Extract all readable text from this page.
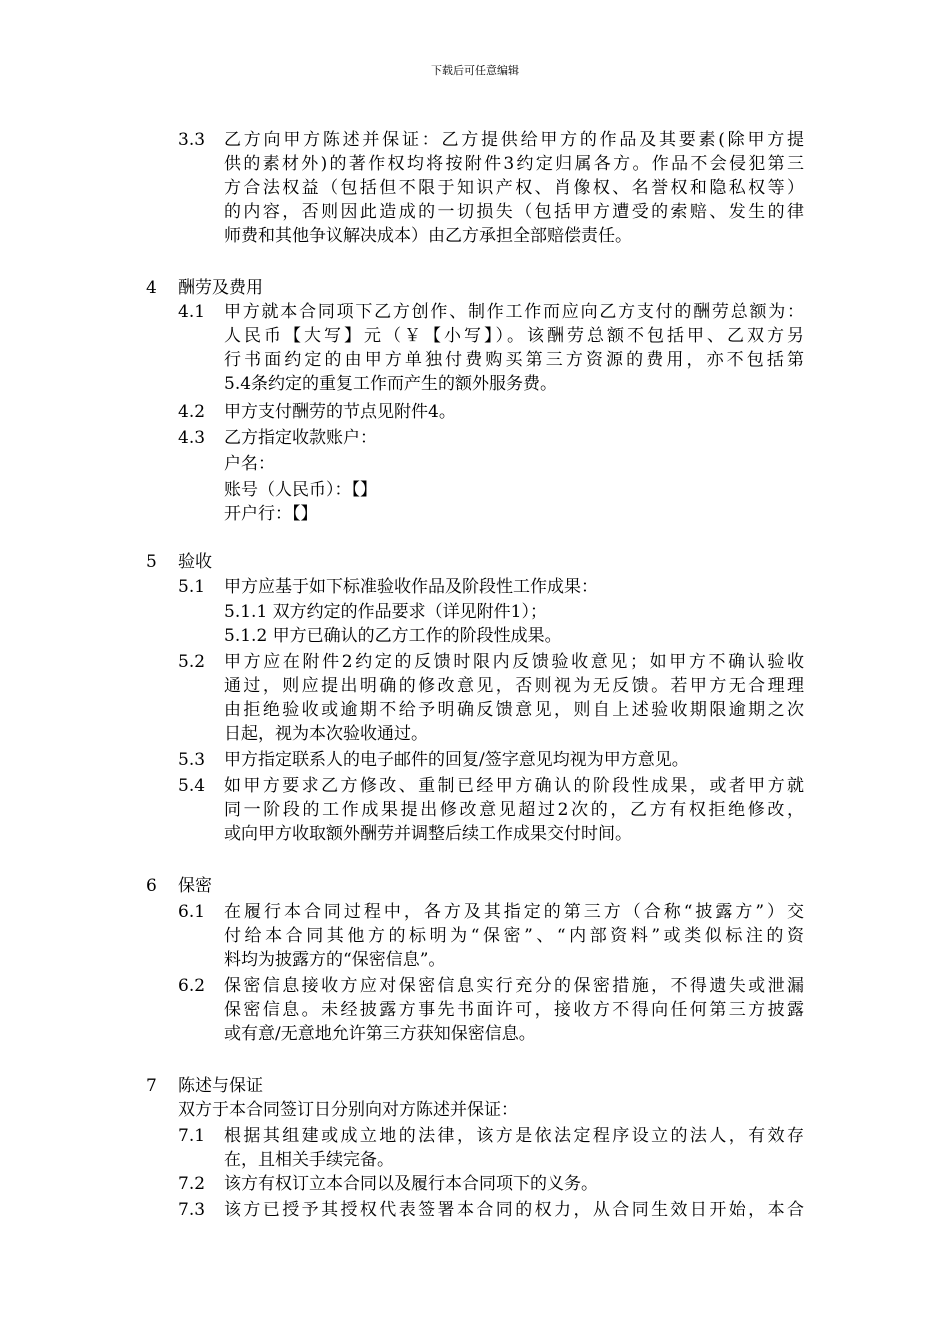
下载后可任意编辑
3.3 乙方向甲方陈述并保证：乙方提供给甲方的作品及其要素(除甲方提
供的素材外)的著作权均将按附件3约定归属各方。作品不会侵犯第三
方合法权益（包括但不限于知识产权、肖像权、名誉权和隐私权等）
的内容，否则因此造成的一切损失（包括甲方遭受的索赔、发生的律
师费和其他争议解决成本）由乙方承担全部赔偿责任。
4 酬劳及费用
4.1 甲方就本合同项下乙方创作、制作工作而应向乙方支付的酬劳总额为：
人民币【大写】元（￥【小写】）。该酬劳总额不包括甲、乙双方另
行书面约定的由甲方单独付费购买第三方资源的费用，亦不包括第
5.4条约定的重复工作而产生的额外服务费。
4.2 甲方支付酬劳的节点见附件4。
4.3 乙方指定收款账户：
户名：
账号（人民币）：【】
开户行：【】
5 验收
5.1 甲方应基于如下标准验收作品及阶段性工作成果：
5.1.1 双方约定的作品要求（详见附件1）；
5.1.2 甲方已确认的乙方工作的阶段性成果。
5.2 甲方应在附件2约定的反馈时限内反馈验收意见；如甲方不确认验收
通过，则应提出明确的修改意见，否则视为无反馈。若甲方无合理理
由拒绝验收或逾期不给予明确反馈意见，则自上述验收期限逾期之次
日起，视为本次验收通过。
5.3 甲方指定联系人的电子邮件的回复/签字意见均视为甲方意见。
5.4 如甲方要求乙方修改、重制已经甲方确认的阶段性成果，或者甲方就
同一阶段的工作成果提出修改意见超过2次的，乙方有权拒绝修改，
或向甲方收取额外酬劳并调整后续工作成果交付时间。
6 保密
6.1 在履行本合同过程中，各方及其指定的第三方（合称“披露方”）交
付给本合同其他方的标明为“保密”、“内部资料”或类似标注的资
料均为披露方的“保密信息”。
6.2 保密信息接收方应对保密信息实行充分的保密措施，不得遗失或泄漏
保密信息。未经披露方事先书面许可，接收方不得向任何第三方披露
或有意/无意地允许第三方获知保密信息。
7 陈述与保证
双方于本合同签订日分别向对方陈述并保证：
7.1 根据其组建或成立地的法律，该方是依法定程序设立的法人，有效存
在，且相关手续完备。
7.2 该方有权订立本合同以及履行本合同项下的义务。
7.3 该方已授予其授权代表签署本合同的权力，从合同生效日开始，本合
